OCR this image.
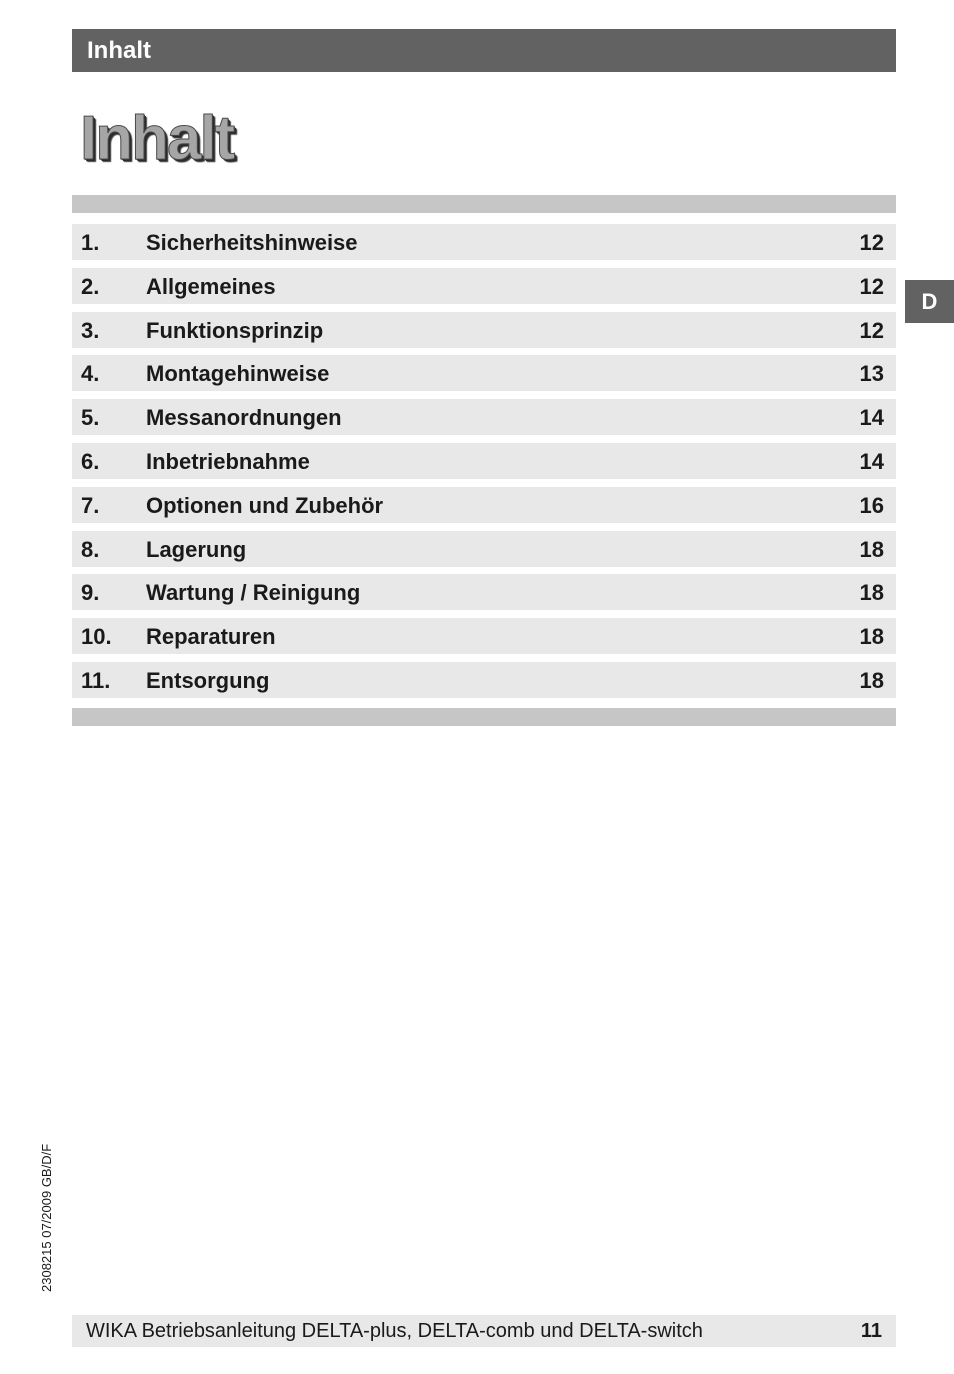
Inhalt
Inhalt
1. Sicherheitshinweise	12
2. Allgemeines	12
3. Funktionsprinzip	12
4. Montagehinweise	13
5. Messanordnungen	14
6. Inbetriebnahme	14
7. Optionen und Zubehör	16
8. Lagerung	18
9. Wartung / Reinigung	18
10. Reparaturen	18
11. Entsorgung	18
D
2308215 07/2009 GB/D/F
WIKA Betriebsanleitung DELTA-plus, DELTA-comb und DELTA-switch	11
